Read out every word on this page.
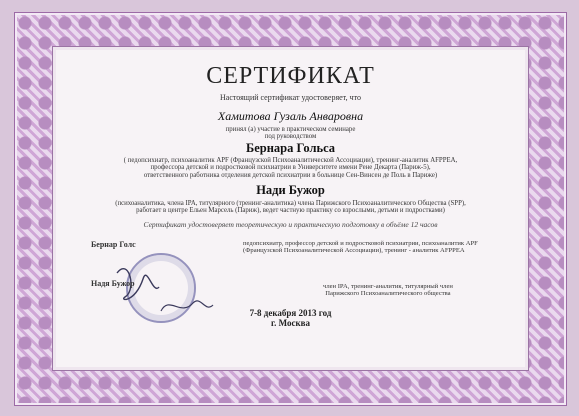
СЕРТИФИКАТ
Настоящий сертификат удостоверяет, что
Хамитова Гузаль Анваровна
принял (а) участие в практическом семинаре
под руководством
Бернара Гольса
( педопсихиатр, психоаналитик APF (Французской Психоаналитической Ассоциации), тренинг-аналитик AFPPEA,
профессора детской и подростковой психиатрии в Университете имени Рене Декарта (Париж-5),
ответственного работника отделения детской психиатрии в больнице Сен-Винсен де Поль в Париже)
Нади Бужор
(психоаналитика, члена IPA, титулярного (тренинг-аналитика) члена Парижского Психоаналитического Общества (SPP),
работает в центре Ельен Марсель (Париж), ведет частную практику со взрослыми, детьми и подростками)
Сертификат удостоверяет теоретическую и практическую подготовку в объёме 12 часов
Бернар Голс	педопсихиатр, профессор детской и подростковой психиатрии, психоаналитик APF
(Французской Психоаналитической Ассоциации), тренинг - аналитик AFPPEA
Надя Бужор	член IPA, тренинг-аналитик, титулярный член
Парижского Психоаналитического общества
7-8 декабря 2013 год
г. Москва
